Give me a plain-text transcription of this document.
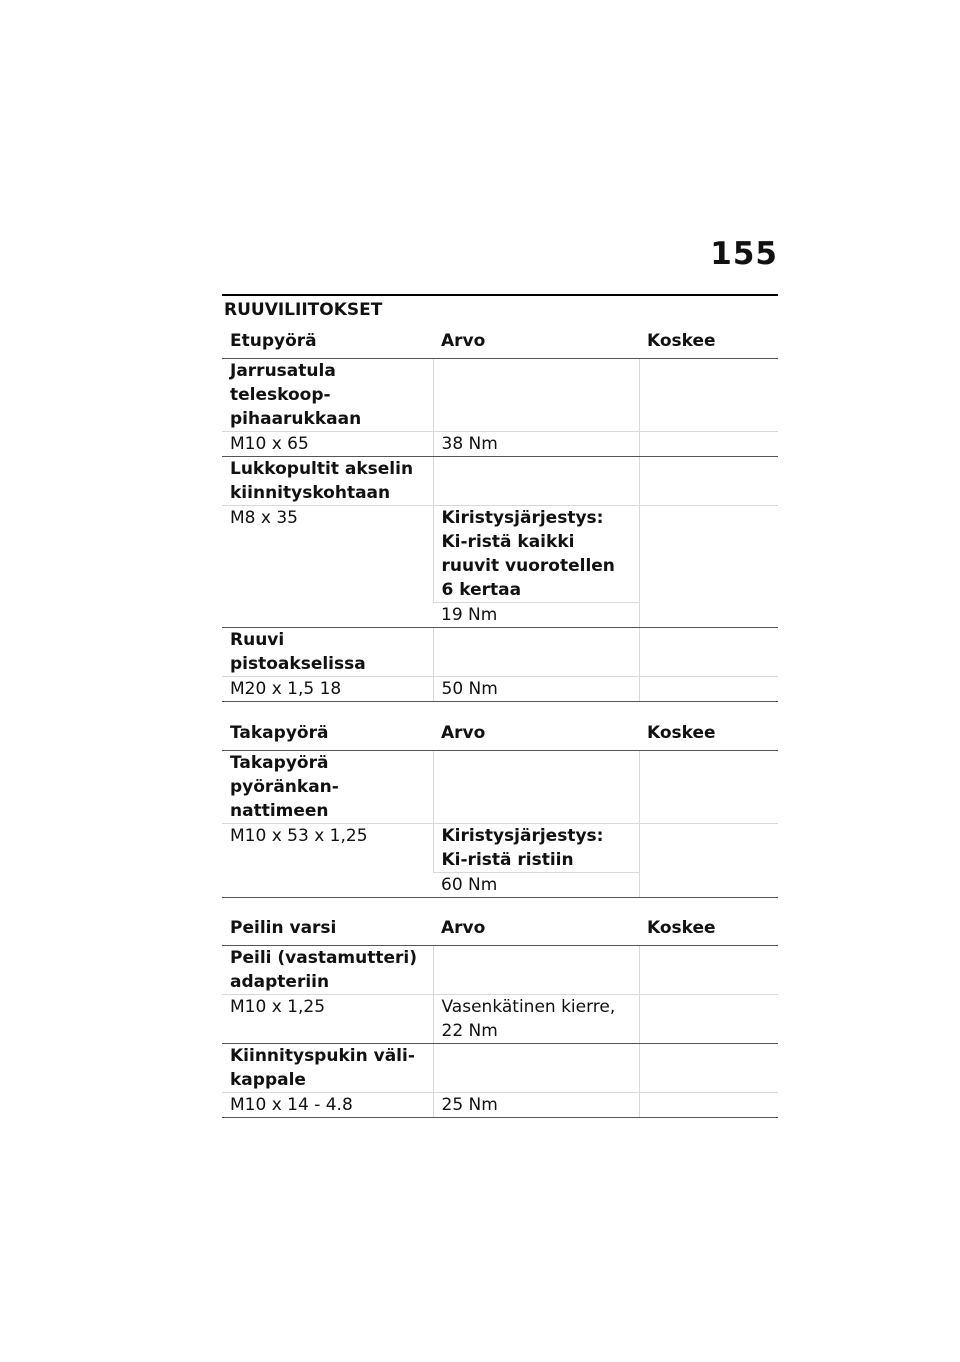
155
RUUVILIITOKSET
Etupyörä	Arvo	Koskee
Jarrusatula teleskoop-pihaarukkaan		
M10 x 65	38 Nm	
Lukkopultit akselin kiinnityskohtaan		
M8 x 35	Kiristysjärjestys: Ki-ristä kaikki ruuvit vuorotellen 6 kertaa	
	19 Nm	
Ruuvi pistoakselissa		
M20 x 1,5 18	50 Nm	

Takapyörä	Arvo	Koskee
Takapyörä pyöränkan-nattimeen		
M10 x 53 x 1,25	Kiristysjärjestys: Ki-ristä ristiin	
	60 Nm	

Peilin varsi	Arvo	Koskee
Peili (vastamutteri) adapteriin		
M10 x 1,25	Vasenkätinen kierre, 22 Nm	
Kiinnityspukin väli-kappale		
M10 x 14 - 4.8	25 Nm	
